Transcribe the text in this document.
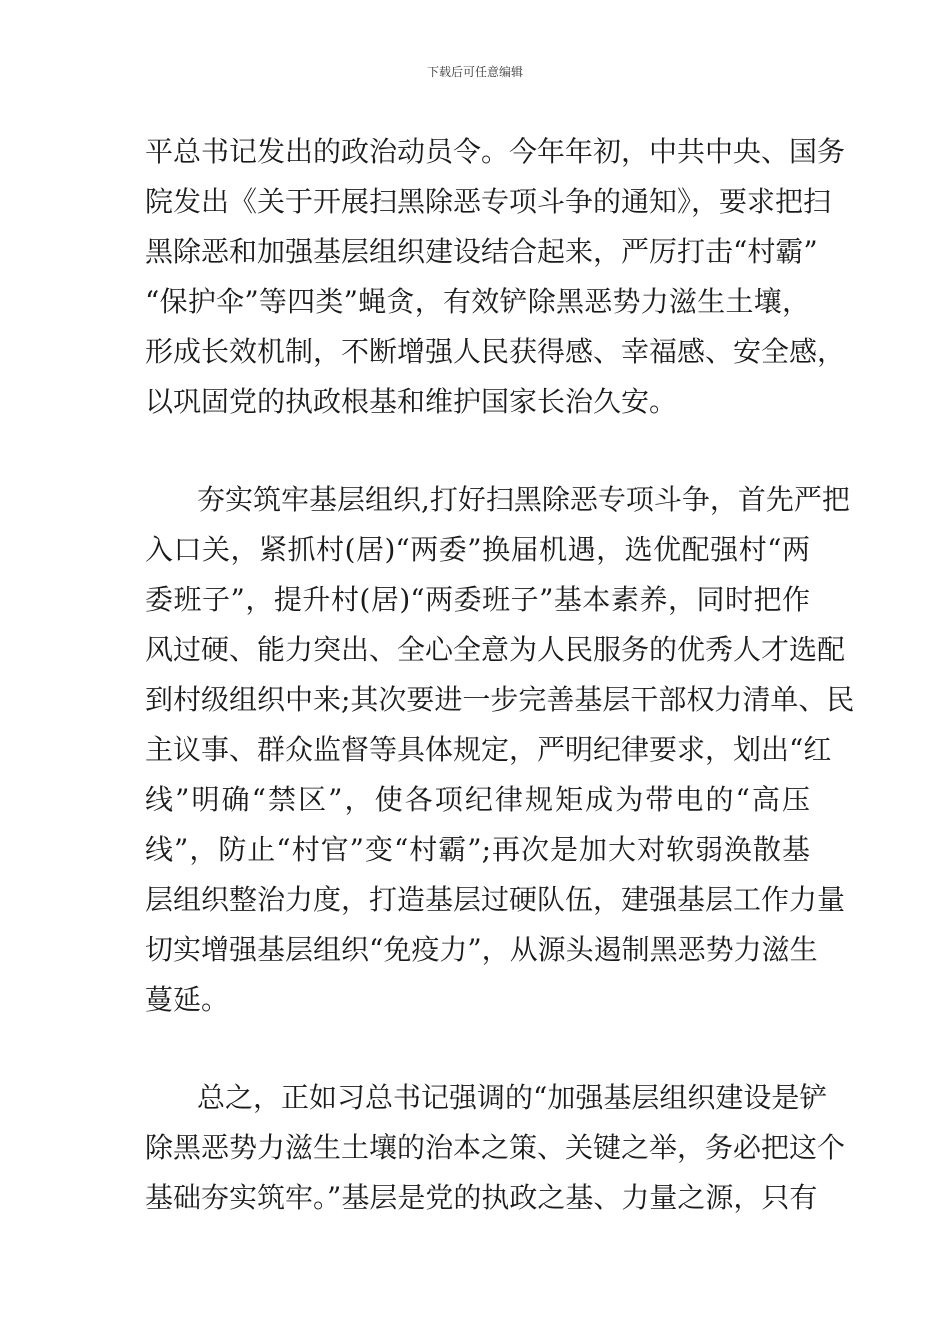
下载后可任意编辑
平总书记发出的政治动员令。今年年初，中共中央、国务
院发出《关于开展扫黑除恶专项斗争的通知》，要求把扫
黑除恶和加强基层组织建设结合起来，严厉打击“村霸”
“保护伞”等四类”蝇贪，有效铲除黑恶势力滋生土壤，
形成长效机制，不断增强人民获得感、幸福感、安全感，
以巩固党的执政根基和维护国家长治久安。
夯实筑牢基层组织,打好扫黑除恶专项斗争，首先严把
入口关，紧抓村(居)“两委”换届机遇，选优配强村“两
委班子”，提升村(居)“两委班子”基本素养，同时把作
风过硬、能力突出、全心全意为人民服务的优秀人才选配
到村级组织中来;其次要进一步完善基层干部权力清单、民
主议事、群众监督等具体规定，严明纪律要求，划出“红
线”明确“禁区”，使各项纪律规矩成为带电的“高压
线”，防止“村官”变“村霸”;再次是加大对软弱涣散基
层组织整治力度，打造基层过硬队伍，建强基层工作力量
切实增强基层组织“免疫力”，从源头遏制黑恶势力滋生
蔓延。
总之，正如习总书记强调的“加强基层组织建设是铲
除黑恶势力滋生土壤的治本之策、关键之举，务必把这个
基础夯实筑牢。”基层是党的执政之基、力量之源，只有
